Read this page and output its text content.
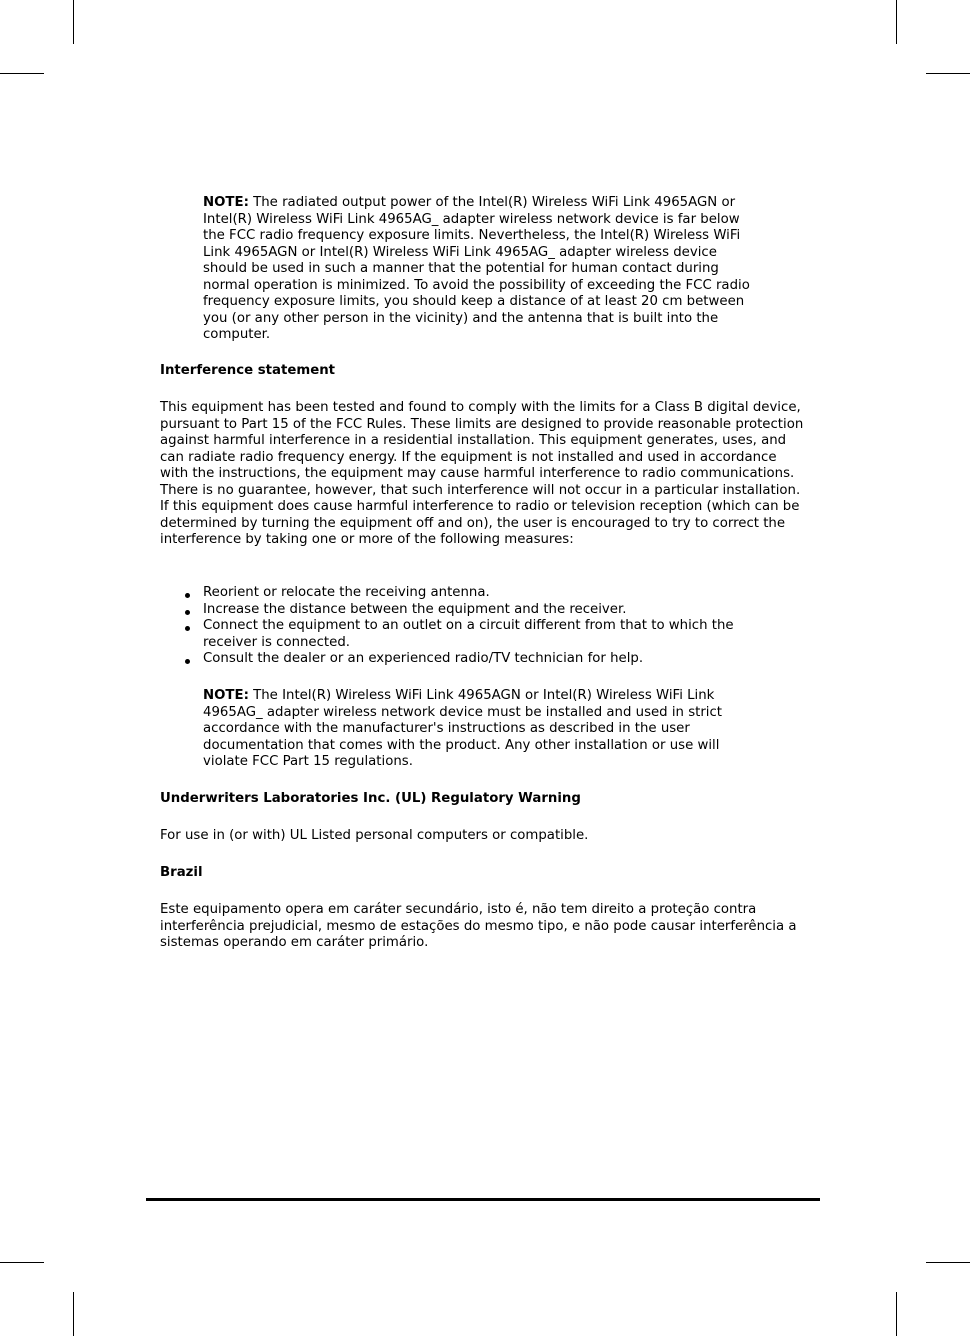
NOTE: The radiated output power of the Intel(R) Wireless WiFi Link 4965AGN or Intel(R) Wireless WiFi Link 4965AG_ adapter wireless network device is far below the FCC radio frequency exposure limits. Nevertheless, the Intel(R) Wireless WiFi Link 4965AGN or Intel(R) Wireless WiFi Link 4965AG_ adapter wireless device should be used in such a manner that the potential for human contact during normal operation is minimized. To avoid the possibility of exceeding the FCC radio frequency exposure limits, you should keep a distance of at least 20 cm between you (or any other person in the vicinity) and the antenna that is built into the computer.
Interference statement
This equipment has been tested and found to comply with the limits for a Class B digital device, pursuant to Part 15 of the FCC Rules. These limits are designed to provide reasonable protection against harmful interference in a residential installation. This equipment generates, uses, and can radiate radio frequency energy. If the equipment is not installed and used in accordance with the instructions, the equipment may cause harmful interference to radio communications. There is no guarantee, however, that such interference will not occur in a particular installation. If this equipment does cause harmful interference to radio or television reception (which can be determined by turning the equipment off and on), the user is encouraged to try to correct the interference by taking one or more of the following measures:
Reorient or relocate the receiving antenna.
Increase the distance between the equipment and the receiver.
Connect the equipment to an outlet on a circuit different from that to which the receiver is connected.
Consult the dealer or an experienced radio/TV technician for help.
NOTE: The Intel(R) Wireless WiFi Link 4965AGN or Intel(R) Wireless WiFi Link 4965AG_ adapter wireless network device must be installed and used in strict accordance with the manufacturer's instructions as described in the user documentation that comes with the product. Any other installation or use will violate FCC Part 15 regulations.
Underwriters Laboratories Inc. (UL) Regulatory Warning
For use in (or with) UL Listed personal computers or compatible.
Brazil
Este equipamento opera em caráter secundário, isto é, não tem direito a proteção contra interferência prejudicial, mesmo de estações do mesmo tipo, e não pode causar interferência a sistemas operando em caráter primário.
